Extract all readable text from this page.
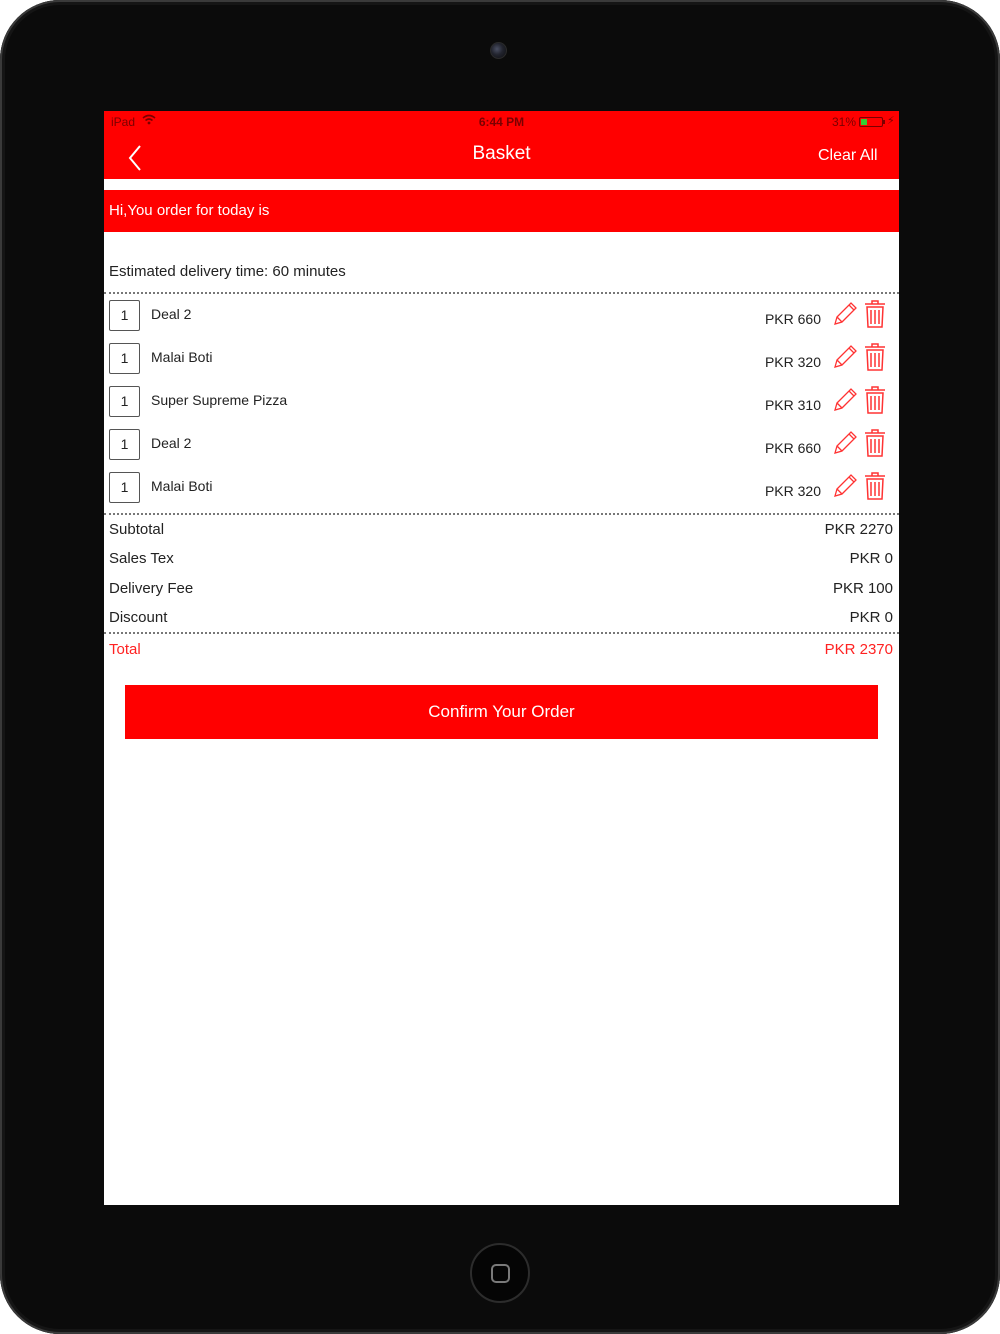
iPad	6:44 PM	31%	⚡
Basket	Clear All
Hi,You order for today is
Estimated delivery time: 60 minutes
1	Deal 2	PKR 660
1	Malai Boti	PKR 320
1	Super Supreme Pizza	PKR 310
1	Deal 2	PKR 660
1	Malai Boti	PKR 320
Subtotal	PKR 2270
Sales Tex	PKR 0
Delivery Fee	PKR 100
Discount	PKR 0
Total	PKR 2370
Confirm Your Order
